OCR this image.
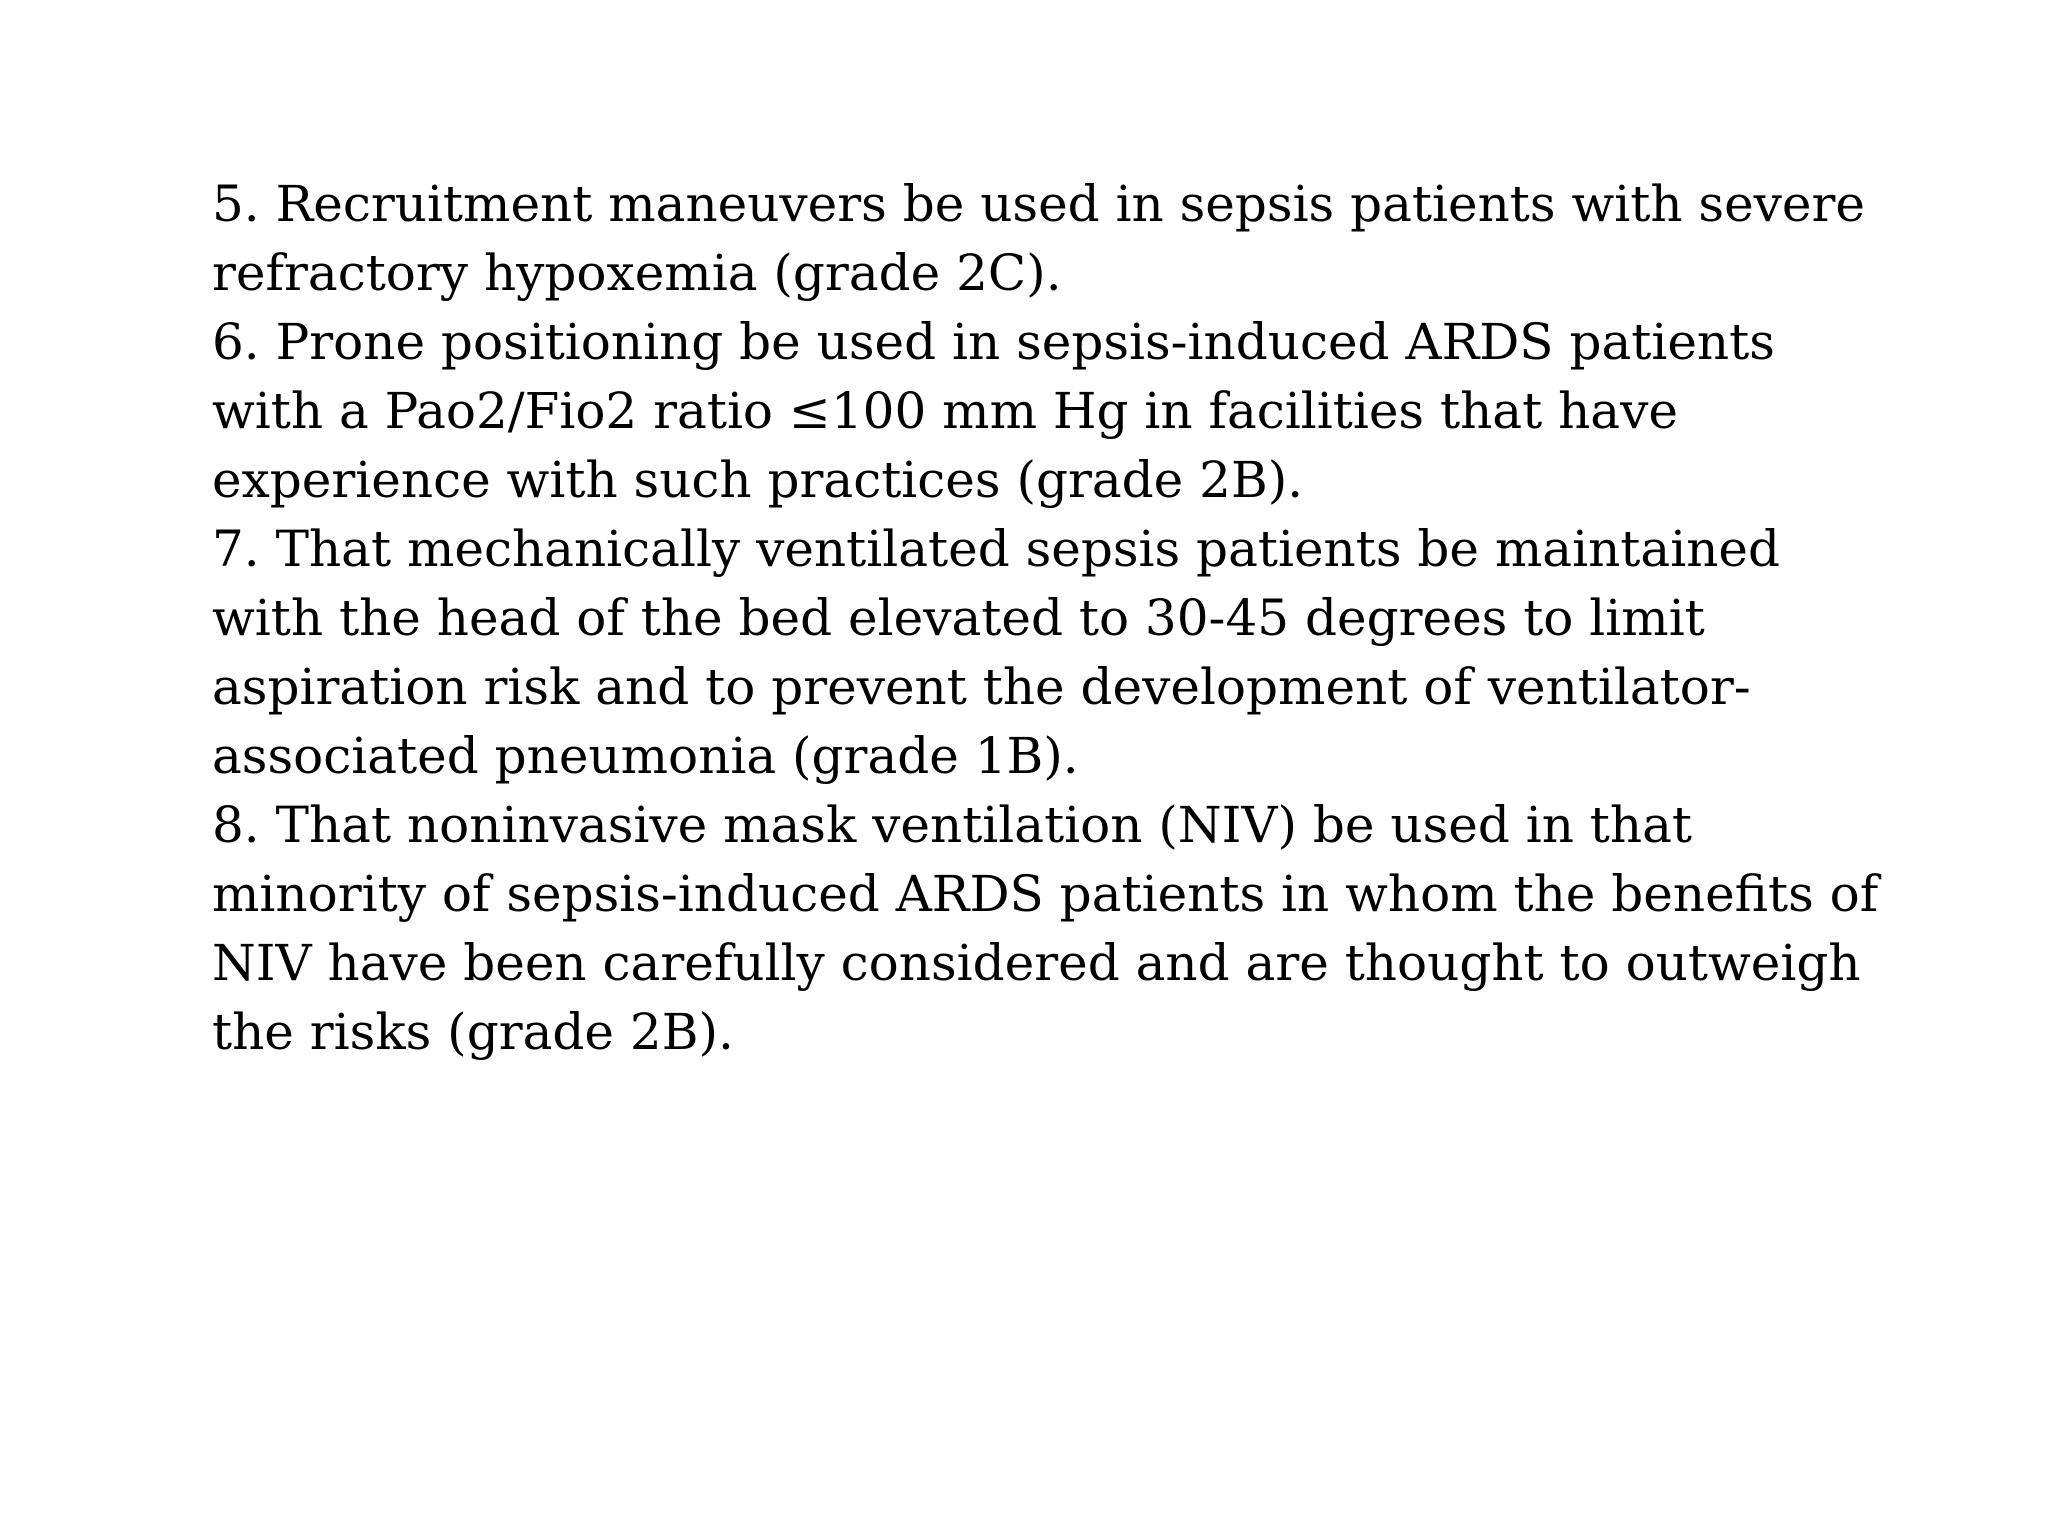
5. Recruitment maneuvers be used in sepsis patients with severe
refractory hypoxemia (grade 2C).
6. Prone positioning be used in sepsis-induced ARDS patients
with a Pao2/Fio2 ratio ≤100 mm Hg in facilities that have
experience with such practices (grade 2B).
7. That mechanically ventilated sepsis patients be maintained
with the head of the bed elevated to 30-45 degrees to limit
aspiration risk and to prevent the development of ventilator-
associated pneumonia (grade 1B).
8. That noninvasive mask ventilation (NIV) be used in that
minority of sepsis-induced ARDS patients in whom the benefits of
NIV have been carefully considered and are thought to outweigh
the risks (grade 2B).
